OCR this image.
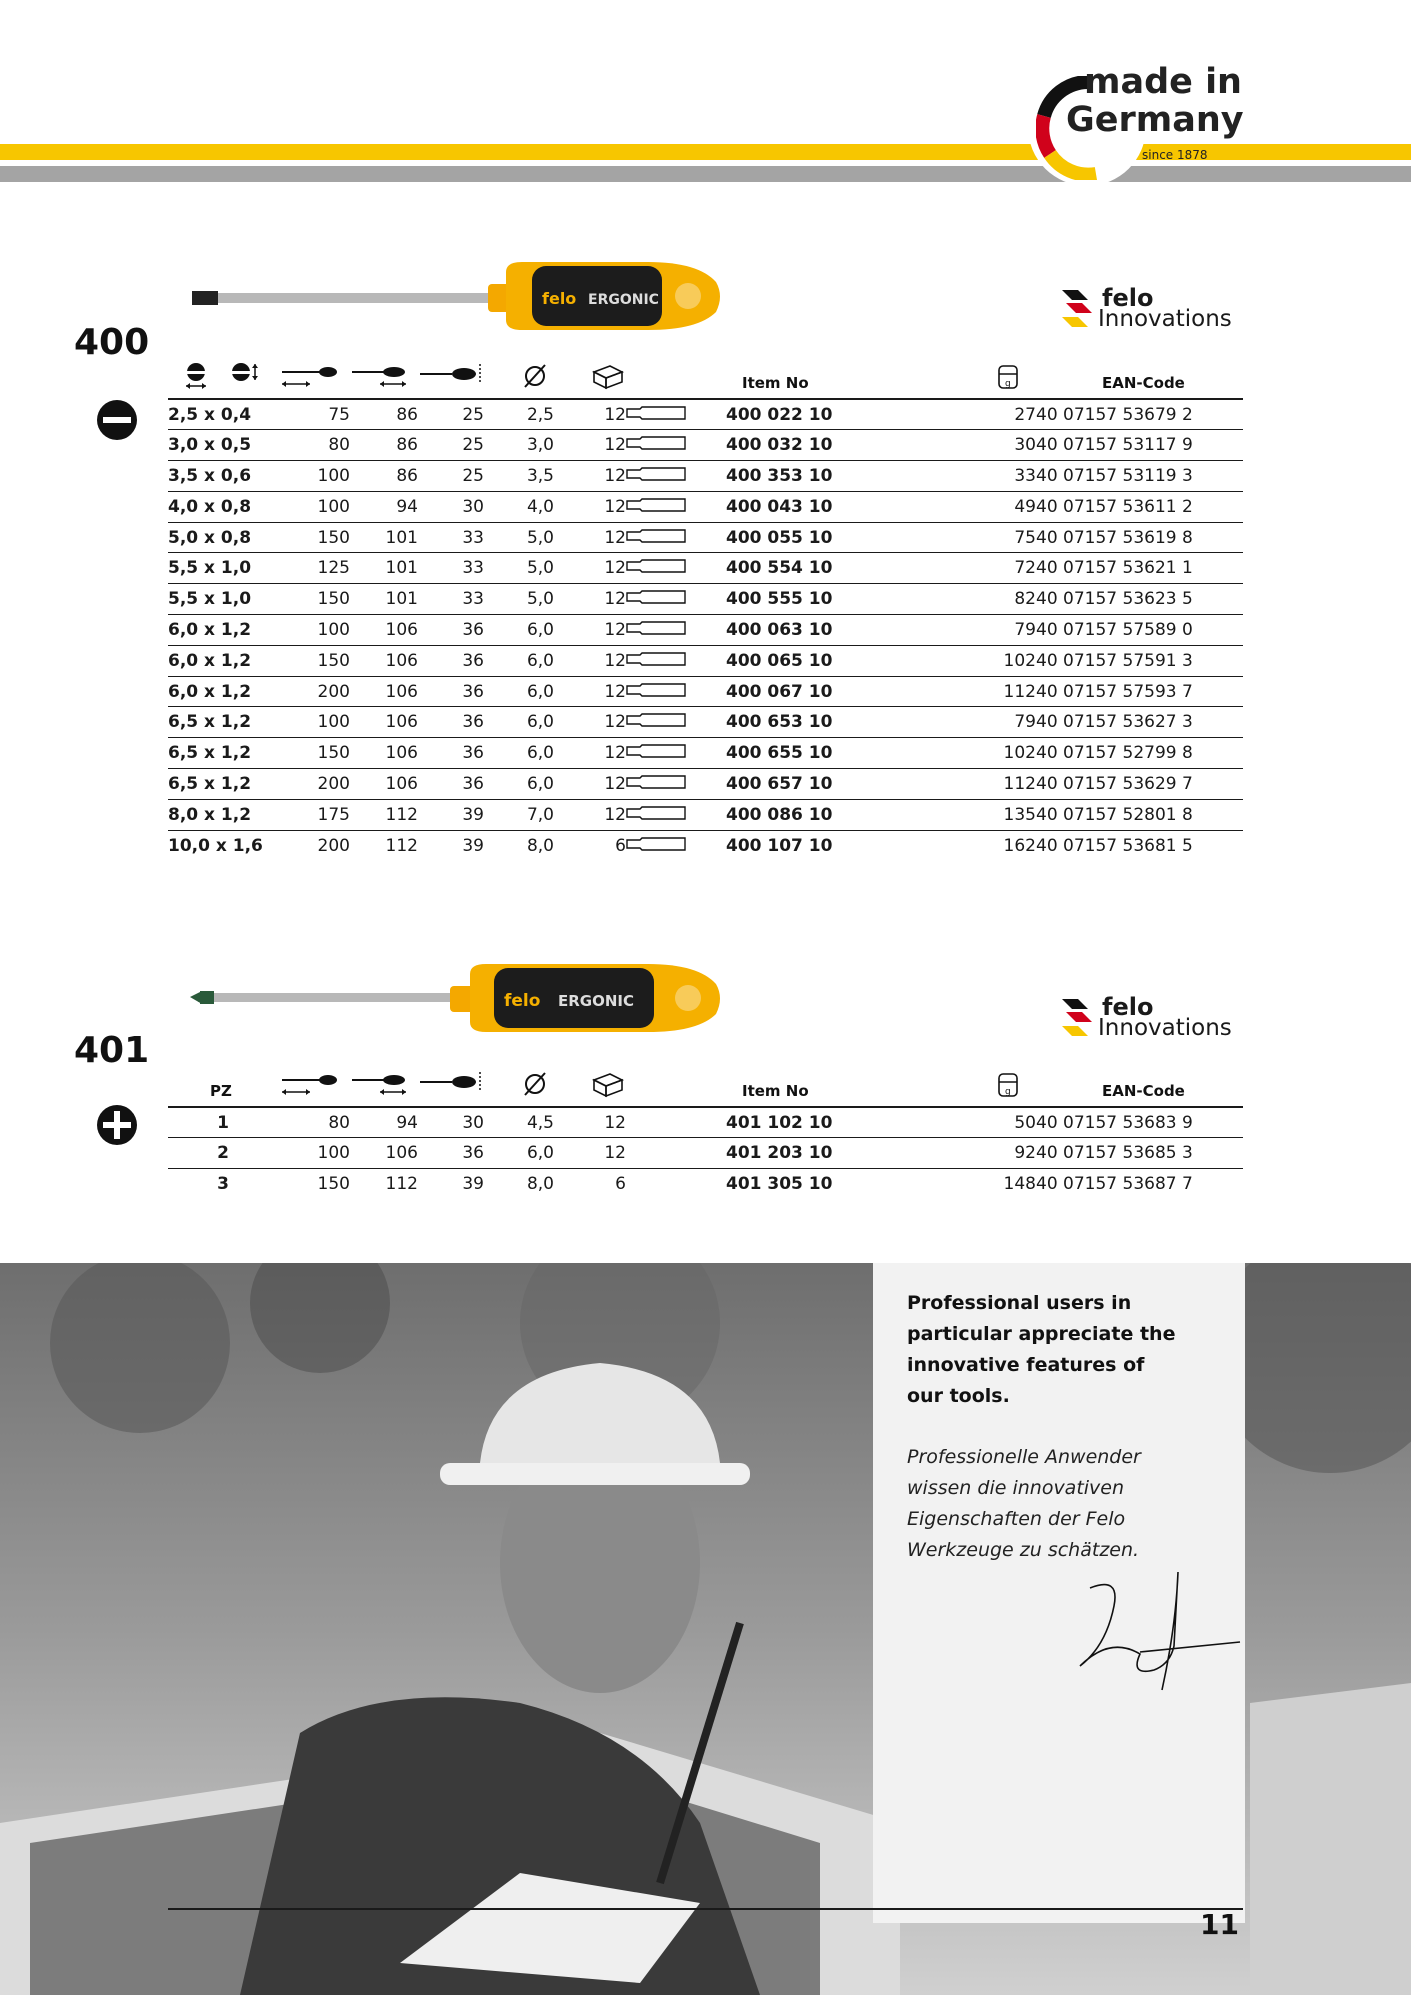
made in
Germany
since 1878
felo ERGONIC
400
felo
Innovations
Item No	g	EAN-Code
2,5 x 0,4	75	86	25	2,5	12		400 022 10	27	40 07157 53679 2
3,0 x 0,5	80	86	25	3,0	12		400 032 10	30	40 07157 53117 9
3,5 x 0,6	100	86	25	3,5	12		400 353 10	33	40 07157 53119 3
4,0 x 0,8	100	94	30	4,0	12		400 043 10	49	40 07157 53611 2
5,0 x 0,8	150	101	33	5,0	12		400 055 10	75	40 07157 53619 8
5,5 x 1,0	125	101	33	5,0	12		400 554 10	72	40 07157 53621 1
5,5 x 1,0	150	101	33	5,0	12		400 555 10	82	40 07157 53623 5
6,0 x 1,2	100	106	36	6,0	12		400 063 10	79	40 07157 57589 0
6,0 x 1,2	150	106	36	6,0	12		400 065 10	102	40 07157 57591 3
6,0 x 1,2	200	106	36	6,0	12		400 067 10	112	40 07157 57593 7
6,5 x 1,2	100	106	36	6,0	12		400 653 10	79	40 07157 53627 3
6,5 x 1,2	150	106	36	6,0	12		400 655 10	102	40 07157 52799 8
6,5 x 1,2	200	106	36	6,0	12		400 657 10	112	40 07157 53629 7
8,0 x 1,2	175	112	39	7,0	12		400 086 10	135	40 07157 52801 8
10,0 x 1,6	200	112	39	8,0	6		400 107 10	162	40 07157 53681 5
felo ERGONIC
401
felo
Innovations
PZ	Item No	g	EAN-Code
1	80	94	30	4,5	12		401 102 10	50	40 07157 53683 9
2	100	106	36	6,0	12		401 203 10	92	40 07157 53685 3
3	150	112	39	8,0	6		401 305 10	148	40 07157 53687 7
Professional users in
particular appreciate the
innovative features of
our tools.
Professionelle Anwender
wissen die innovativen
Eigenschaften der Felo
Werkzeuge zu schätzen.
11
